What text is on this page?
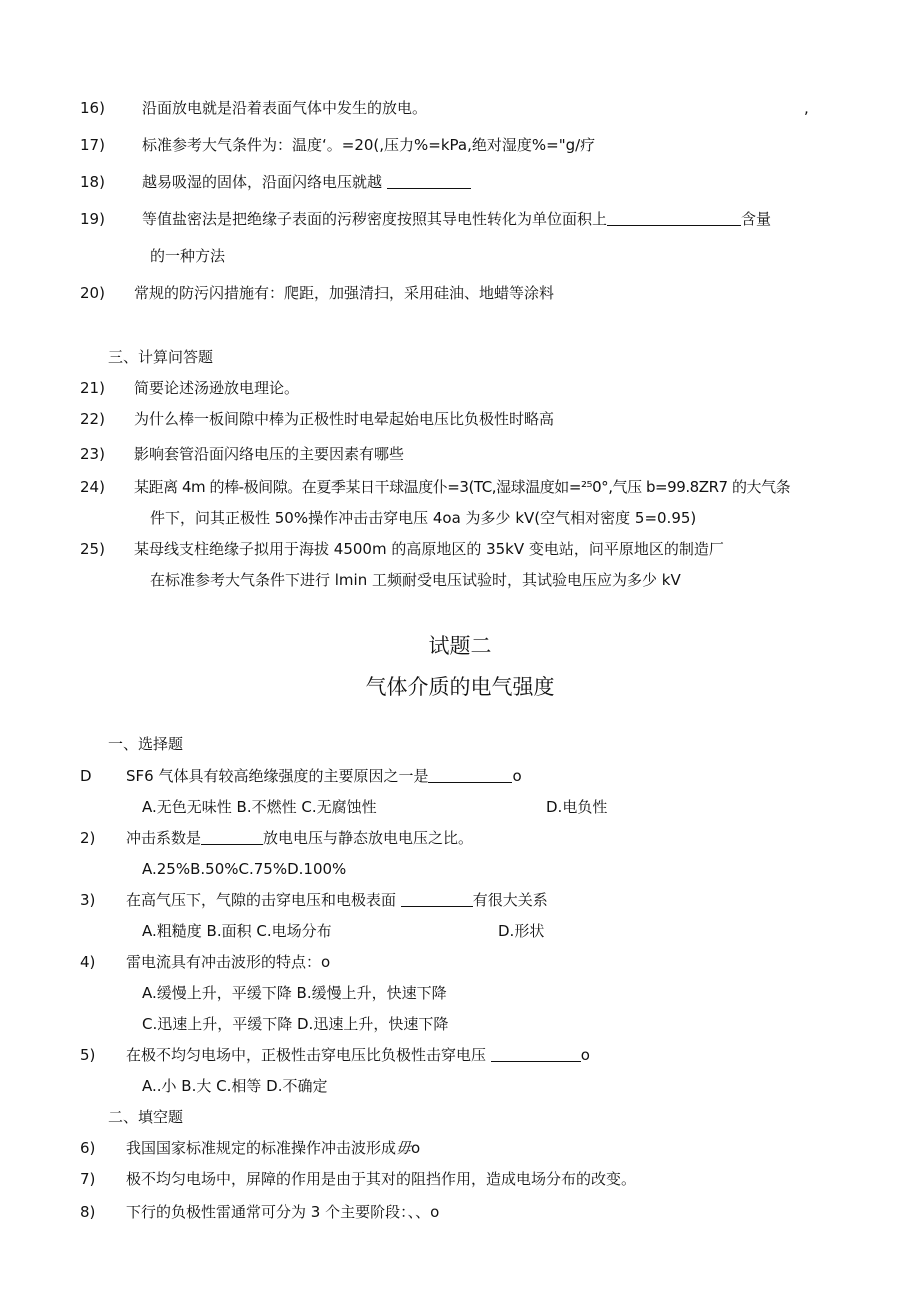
16) 沿面放电就是沿着表面气体中发生的放电。	,
17) 标准参考大气条件为：温度‘。=20(,压力%=kPa,绝对湿度%="g∕疗
18) 越易吸湿的固体，沿面闪络电压就越
19) 等值盐密法是把绝缘子表面的污秽密度按照其导电性转化为单位面积上	含量
的一种方法
20) 常规的防污闪措施有：爬距，加强清扫，采用硅油、地蜡等涂料
三、计算问答题
21) 简要论述汤逊放电理论。
22) 为什么棒一板间隙中棒为正极性时电晕起始电压比负极性时略高
23) 影响套管沿面闪络电压的主要因素有哪些
24) 某距离 4m 的棒-极间隙。在夏季某日干球温度仆=3(TC,湿球温度如=²⁵0°,气压 b=99.8ZR7 的大气条
件下，问其正极性 50%操作冲击击穿电压 4oa 为多少 kV(空气相对密度 5=0.95)
25) 某母线支柱绝缘子拟用于海拔 4500m 的高原地区的 35kV 变电站，问平原地区的制造厂
在标准参考大气条件下进行 lmin 工频耐受电压试验时，其试验电压应为多少 kV
试题二
气体介质的电气强度
一、选择题
D SF6 气体具有较高绝缘强度的主要原因之一是	o
A.无色无味性 B.不燃性 C.无腐蚀性	D.电负性
2) 冲击系数是	放电电压与静态放电电压之比。
A.25%B.50%C.75%D.100%
3) 在高气压下，气隙的击穿电压和电极表面	有很大关系
A.粗糙度 B.面积 C.电场分布	D.形状
4) 雷电流具有冲击波形的特点：o
A.缓慢上升，平缓下降 B.缓慢上升，快速下降
C.迅速上升，平缓下降 D.迅速上升，快速下降
5) 在极不均匀电场中，正极性击穿电压比负极性击穿电压	o
A..小 B.大 C.相等 D.不确定
二、填空题
6) 我国国家标准规定的标准操作冲击波形成毋o
7) 极不均匀电场中，屏障的作用是由于其对的阻挡作用，造成电场分布的改变。
8) 下行的负极性雷通常可分为 3 个主要阶段：、、o
